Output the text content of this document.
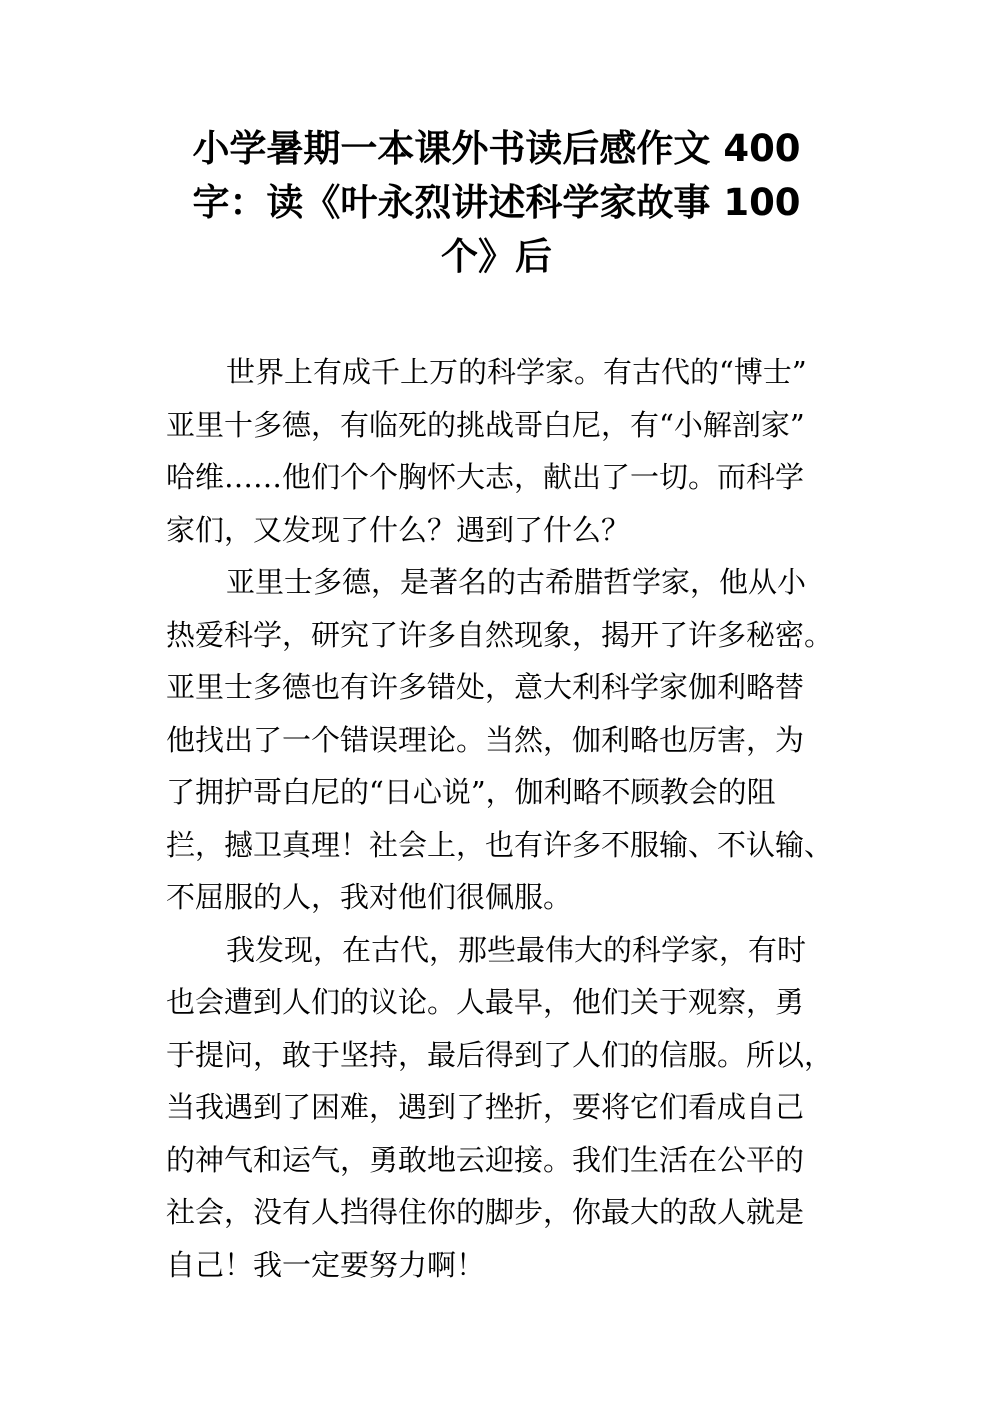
小学暑期一本课外书读后感作文 400
字：读《叶永烈讲述科学家故事 100
个》后
世界上有成千上万的科学家。有古代的“博士”
亚里十多德，有临死的挑战哥白尼，有“小解剖家”
哈维……他们个个胸怀大志，献出了一切。而科学
家们，又发现了什么？遇到了什么？
亚里士多德，是著名的古希腊哲学家，他从小
热爱科学，研究了许多自然现象，揭开了许多秘密。
亚里士多德也有许多错处，意大利科学家伽利略替
他找出了一个错误理论。当然，伽利略也厉害，为
了拥护哥白尼的“日心说”，伽利略不顾教会的阻
拦，撼卫真理！社会上，也有许多不服输、不认输、
不屈服的人，我对他们很佩服。
我发现，在古代，那些最伟大的科学家，有时
也会遭到人们的议论。人最早，他们关于观察，勇
于提问，敢于坚持，最后得到了人们的信服。所以，
当我遇到了困难，遇到了挫折，要将它们看成自己
的神气和运气，勇敢地云迎接。我们生活在公平的
社会，没有人挡得住你的脚步，你最大的敌人就是
自己！我一定要努力啊！
